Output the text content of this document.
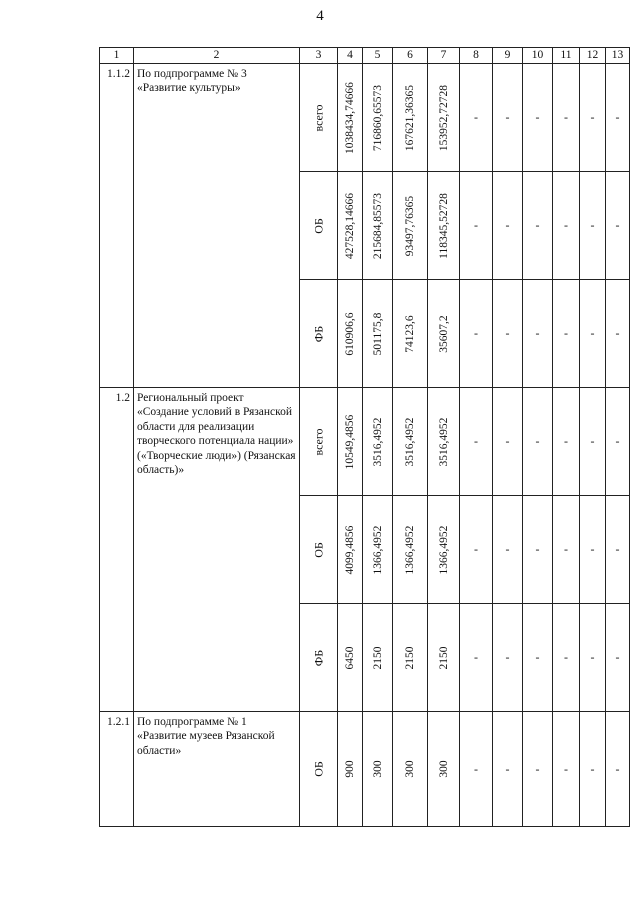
4
1	2	3	4	5	6	7	8	9	10	11	12	13
1.1.2	По подпрограмме № 3 «Развитие культуры»	всего	1038434,74666	716860,65573	167621,36365	153952,72728	-	-	-	-	-	-

		ОБ	427528,14666	215684,85573	93497,76365	118345,52728	-	-	-	-	-	-

		ФБ	610906,6	501175,8	74123,6	35607,2	-	-	-	-	-	-
1.2	Региональный проект «Создание условий в Рязанской области для реализации творческого потенциала нации» («Творческие люди») (Рязанская область)»	всего	10549,4856	3516,4952	3516,4952	3516,4952	-	-	-	-	-	-

		ОБ	4099,4856	1366,4952	1366,4952	1366,4952	-	-	-	-	-	-

		ФБ	6450	2150	2150	2150	-	-	-	-	-	-
1.2.1	По подпрограмме № 1 «Развитие музеев Рязанской области»	ОБ	900	300	300	300	-	-	-	-	-	-
